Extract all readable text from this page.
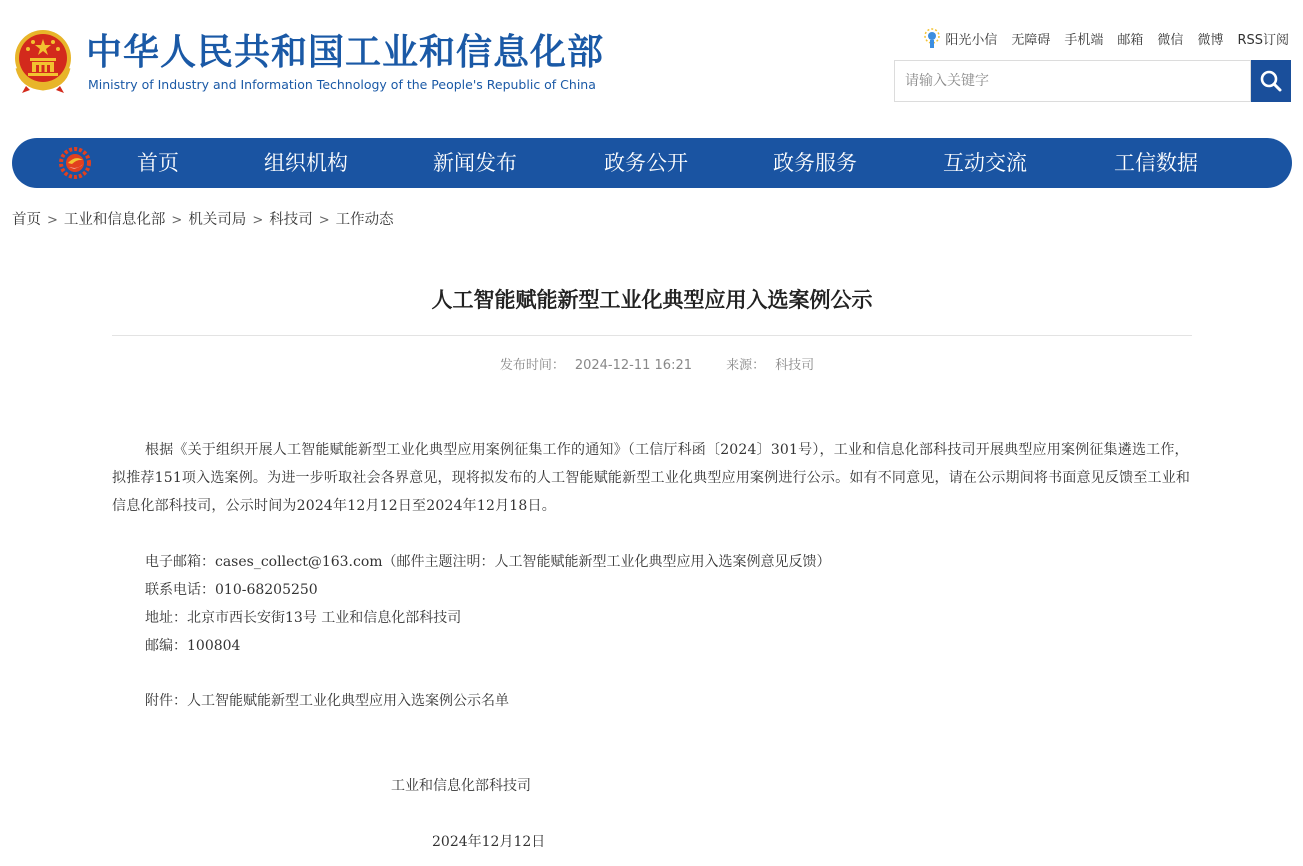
中华人民共和国工业和信息化部
Ministry of Industry and Information Technology of the People's Republic of China
阳光小信 无障碍 手机端 邮箱 微信 微博 RSS订阅
请输入关键字
首页	组织机构	新闻发布	政务公开	政务服务	互动交流	工信数据
首页 > 工业和信息化部 > 机关司局 > 科技司 > 工作动态
人工智能赋能新型工业化典型应用入选案例公示
发布时间： 2024-12-11 16:21	来源： 科技司
根据《关于组织开展人工智能赋能新型工业化典型应用案例征集工作的通知》（工信厅科函〔2024〕301号），工业和信息化部科技司开展典型应用案例征集遴选工作，拟推荐151项入选案例。为进一步听取社会各界意见，现将拟发布的人工智能赋能新型工业化典型应用案例进行公示。如有不同意见，请在公示期间将书面意见反馈至工业和信息化部科技司，公示时间为2024年12月12日至2024年12月18日。
电子邮箱：cases_collect@163.com（邮件主题注明：人工智能赋能新型工业化典型应用入选案例意见反馈）
联系电话：010-68205250
地址：北京市西长安街13号 工业和信息化部科技司
邮编：100804
附件：人工智能赋能新型工业化典型应用入选案例公示名单
工业和信息化部科技司
2024年12月12日
